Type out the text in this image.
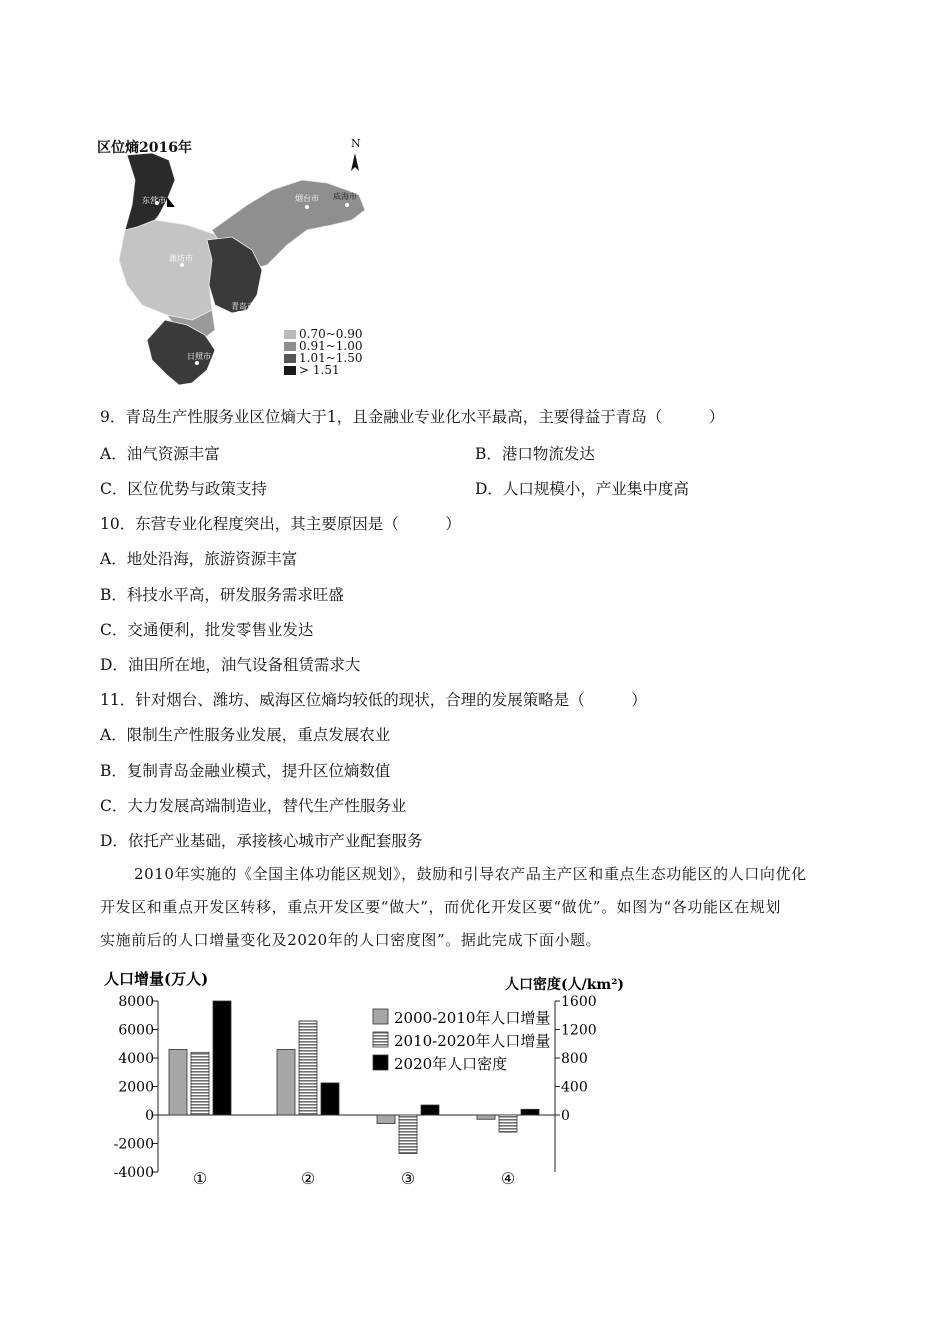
区位熵2016年	N
东营市	烟台市 威海市
潍坊市
青岛市
日照市
0.70~0.90
0.91~1.00
1.01~1.50
> 1.51
9．青岛生产性服务业区位熵大于1，且金融业专业化水平最高，主要得益于青岛（　　　）
A．油气资源丰富	B．港口物流发达
C．区位优势与政策支持	D．人口规模小，产业集中度高
10．东营专业化程度突出，其主要原因是（　　　）
A．地处沿海，旅游资源丰富
B．科技水平高，研发服务需求旺盛
C．交通便利，批发零售业发达
D．油田所在地，油气设备租赁需求大
11．针对烟台、潍坊、威海区位熵均较低的现状，合理的发展策略是（　　　）
A．限制生产性服务业发展，重点发展农业
B．复制青岛金融业模式，提升区位熵数值
C．大力发展高端制造业，替代生产性服务业
D．依托产业基础，承接核心城市产业配套服务

2010年实施的《全国主体功能区规划》，鼓励和引导农产品主产区和重点生态功能区的人口向优化

开发区和重点开发区转移，重点开发区要“做大”，而优化开发区要“做优”。如图为“各功能区在规划

实施前后的人口增量变化及2020年的人口密度图”。据此完成下面小题。

人口增量(万人)	人口密度(人/km²)
8000
6000
4000
2000
0
-2000
-4000
1600
1200
800
400
0
①	②	③	④
2000-2010年人口增量
2010-2020年人口增量
2020年人口密度
